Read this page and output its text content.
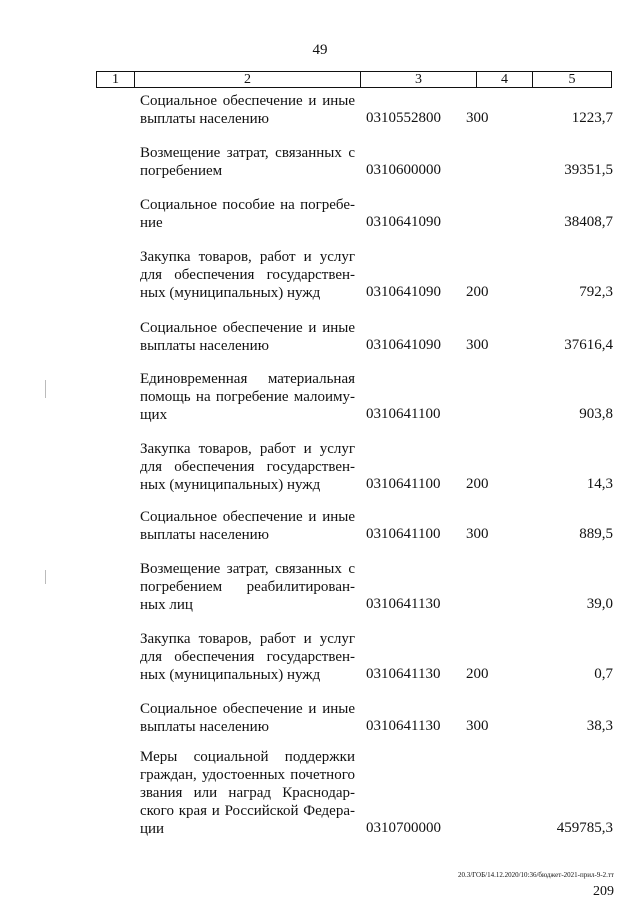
49
1	2	3	4	5
Социальное обеспечение и иные
выплаты населению	0310552800 300	1223,7
Возмещение затрат, связанных с
погребением	0310600000	39351,5
Социальное пособие на погребе-
ние	0310641090	38408,7
Закупка товаров, работ и услуг
для обеспечения государствен-
ных (муниципальных) нужд	0310641090 200	792,3
Социальное обеспечение и иные
выплаты населению	0310641090 300	37616,4
Единовременная материальная
помощь на погребение малоиму-
щих	0310641100	903,8
Закупка товаров, работ и услуг
для обеспечения государствен-
ных (муниципальных) нужд	0310641100 200	14,3
Социальное обеспечение и иные
выплаты населению	0310641100 300	889,5
Возмещение затрат, связанных с
погребением реабилитирован-
ных лиц	0310641130	39,0
Закупка товаров, работ и услуг
для обеспечения государствен-
ных (муниципальных) нужд	0310641130 200	0,7
Социальное обеспечение и иные
выплаты населению	0310641130 300	38,3
Меры социальной поддержки
граждан, удостоенных почетного
звания или наград Краснодар-
ского края и Российской Федера-
ции	0310700000	459785,3
20.3/ГОБ/14.12.2020/10:36/бюджет-2021-прил-9-2.тт
209
